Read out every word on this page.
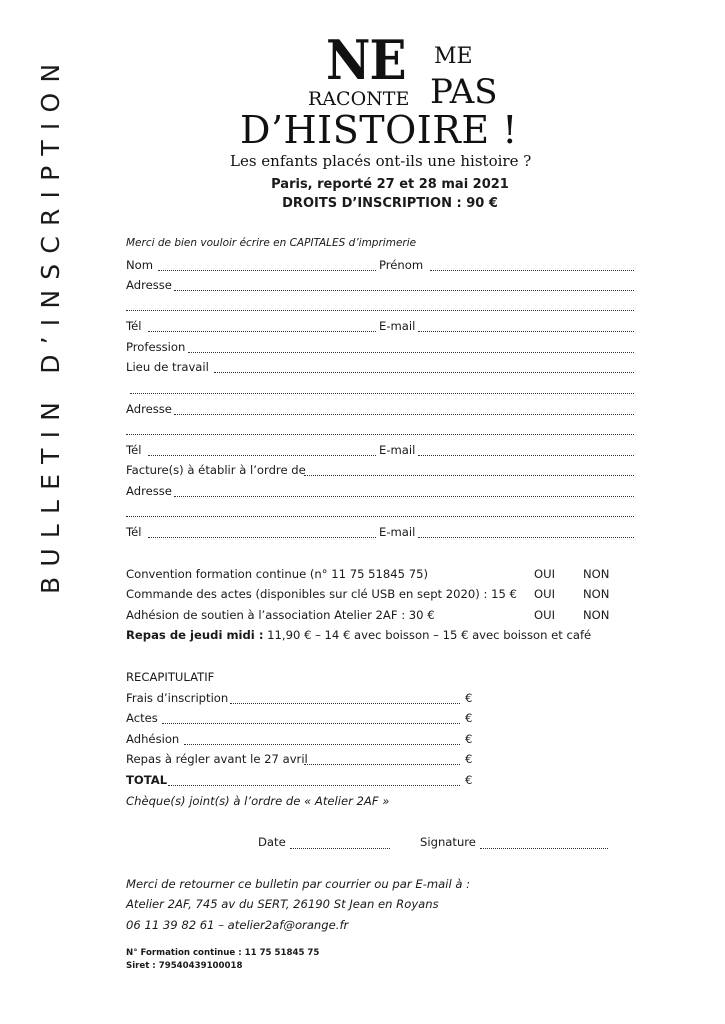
BULLETIN D’INSCRIPTION	NE ME
RACONTE PAS
D’HISTOIRE !
Les enfants placés ont-ils une histoire ?
Paris, reporté 27 et 28 mai 2021
DROITS D’INSCRIPTION : 90 €
Merci de bien vouloir écrire en CAPITALES d’imprimerie
Nom	Prénom
Adresse
Tél	E-mail
Profession
Lieu de travail
Adresse
Tél	E-mail
Facture(s) à établir à l’ordre de
Adresse
Tél	E-mail
Convention formation continue (n° 11 75 51845 75)	OUI NON
Commande des actes (disponibles sur clé USB en sept 2020) : 15 € OUI NON
Adhésion de soutien à l’association Atelier 2AF : 30 €	OUI NON
Repas de jeudi midi : 11,90 € – 14 € avec boisson – 15 € avec boisson et café
RECAPITULATIF
Frais d’inscription	€
Actes	€
Adhésion	€
Repas à régler avant le 27 avril	€
TOTAL	€
Chèque(s) joint(s) à l’ordre de « Atelier 2AF »
Date	Signature
Merci de retourner ce bulletin par courrier ou par E-mail à :
Atelier 2AF, 745 av du SERT, 26190 St Jean en Royans
06 11 39 82 61 – atelier2af@orange.fr
N° Formation continue : 11 75 51845 75
Siret : 79540439100018
